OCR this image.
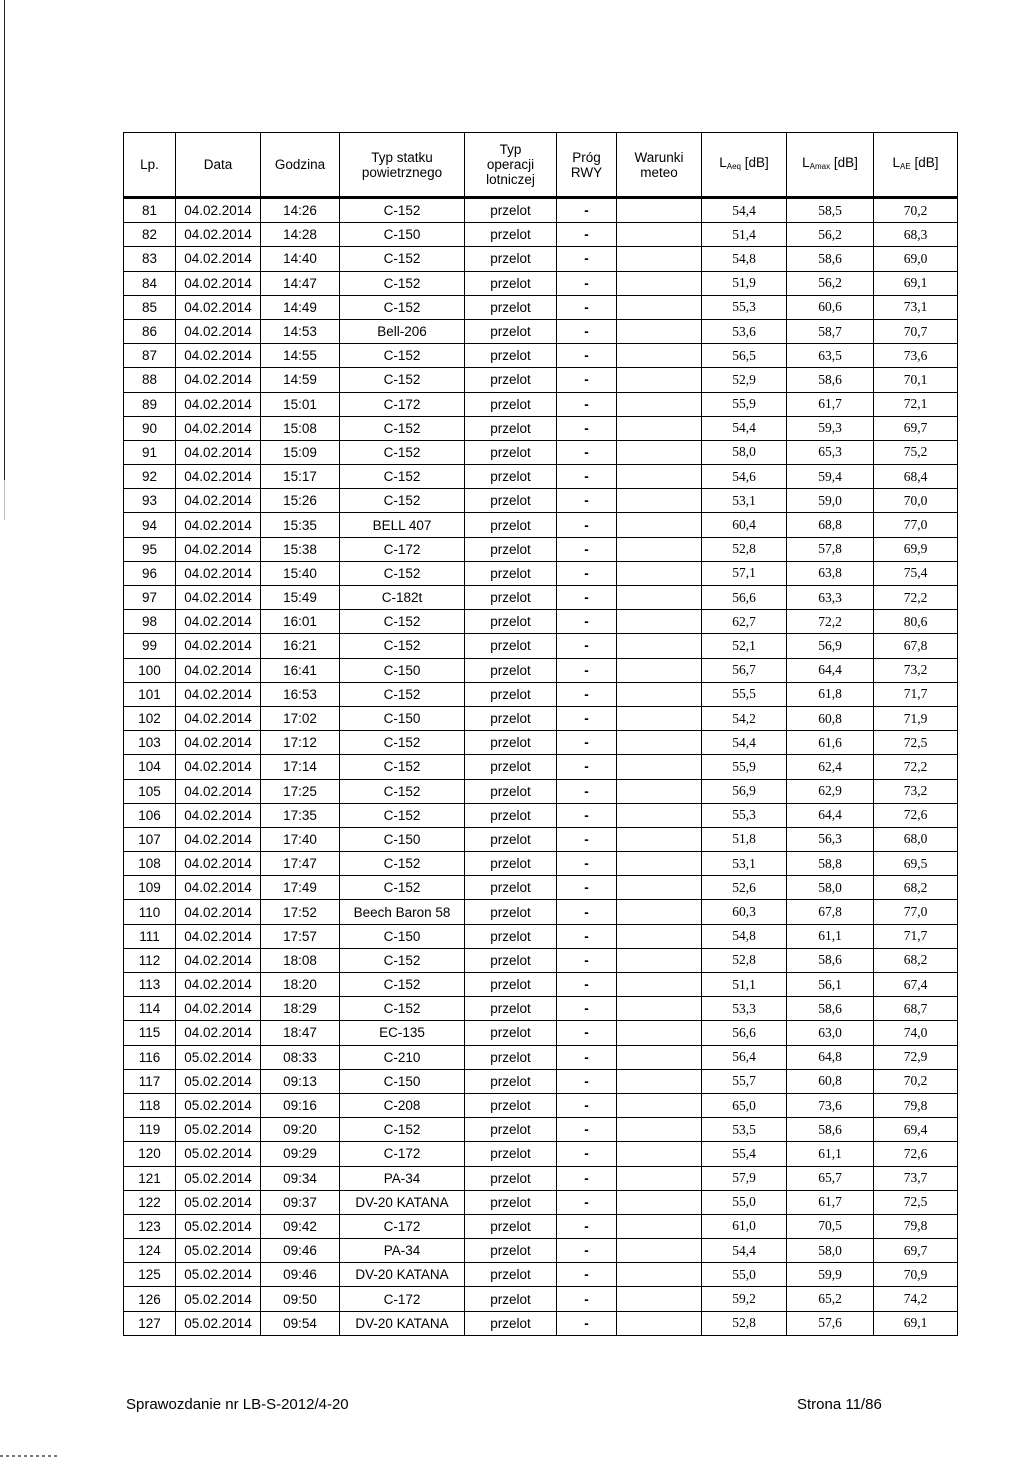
Lp.	Data	Godzina	Typ statku powietrznego	Typ operacji lotniczej	Próg RWY	Warunki meteo	$L_{Aeq}$ [dB]	$L_{Amax}$ [dB]	$L_{AE}$ [dB]
81	04.02.2014	14:26	C-152	przelot	-		54,4	58,5	70,2
82	04.02.2014	14:28	C-150	przelot	-		51,4	56,2	68,3
83	04.02.2014	14:40	C-152	przelot	-		54,8	58,6	69,0
84	04.02.2014	14:47	C-152	przelot	-		51,9	56,2	69,1
85	04.02.2014	14:49	C-152	przelot	-		55,3	60,6	73,1
86	04.02.2014	14:53	Bell-206	przelot	-		53,6	58,7	70,7
87	04.02.2014	14:55	C-152	przelot	-		56,5	63,5	73,6
88	04.02.2014	14:59	C-152	przelot	-		52,9	58,6	70,1
89	04.02.2014	15:01	C-172	przelot	-		55,9	61,7	72,1
90	04.02.2014	15:08	C-152	przelot	-		54,4	59,3	69,7
91	04.02.2014	15:09	C-152	przelot	-		58,0	65,3	75,2
92	04.02.2014	15:17	C-152	przelot	-		54,6	59,4	68,4
93	04.02.2014	15:26	C-152	przelot	-		53,1	59,0	70,0
94	04.02.2014	15:35	BELL 407	przelot	-		60,4	68,8	77,0
95	04.02.2014	15:38	C-172	przelot	-		52,8	57,8	69,9
96	04.02.2014	15:40	C-152	przelot	-		57,1	63,8	75,4
97	04.02.2014	15:49	C-182t	przelot	-		56,6	63,3	72,2
98	04.02.2014	16:01	C-152	przelot	-		62,7	72,2	80,6
99	04.02.2014	16:21	C-152	przelot	-		52,1	56,9	67,8
100	04.02.2014	16:41	C-150	przelot	-		56,7	64,4	73,2
101	04.02.2014	16:53	C-152	przelot	-		55,5	61,8	71,7
102	04.02.2014	17:02	C-150	przelot	-		54,2	60,8	71,9
103	04.02.2014	17:12	C-152	przelot	-		54,4	61,6	72,5
104	04.02.2014	17:14	C-152	przelot	-		55,9	62,4	72,2
105	04.02.2014	17:25	C-152	przelot	-		56,9	62,9	73,2
106	04.02.2014	17:35	C-152	przelot	-		55,3	64,4	72,6
107	04.02.2014	17:40	C-150	przelot	-		51,8	56,3	68,0
108	04.02.2014	17:47	C-152	przelot	-		53,1	58,8	69,5
109	04.02.2014	17:49	C-152	przelot	-		52,6	58,0	68,2
110	04.02.2014	17:52	Beech Baron 58	przelot	-		60,3	67,8	77,0
111	04.02.2014	17:57	C-150	przelot	-		54,8	61,1	71,7
112	04.02.2014	18:08	C-152	przelot	-		52,8	58,6	68,2
113	04.02.2014	18:20	C-152	przelot	-		51,1	56,1	67,4
114	04.02.2014	18:29	C-152	przelot	-		53,3	58,6	68,7
115	04.02.2014	18:47	EC-135	przelot	-		56,6	63,0	74,0
116	05.02.2014	08:33	C-210	przelot	-		56,4	64,8	72,9
117	05.02.2014	09:13	C-150	przelot	-		55,7	60,8	70,2
118	05.02.2014	09:16	C-208	przelot	-		65,0	73,6	79,8
119	05.02.2014	09:20	C-152	przelot	-		53,5	58,6	69,4
120	05.02.2014	09:29	C-172	przelot	-		55,4	61,1	72,6
121	05.02.2014	09:34	PA-34	przelot	-		57,9	65,7	73,7
122	05.02.2014	09:37	DV-20 KATANA	przelot	-		55,0	61,7	72,5
123	05.02.2014	09:42	C-172	przelot	-		61,0	70,5	79,8
124	05.02.2014	09:46	PA-34	przelot	-		54,4	58,0	69,7
125	05.02.2014	09:46	DV-20 KATANA	przelot	-		55,0	59,9	70,9
126	05.02.2014	09:50	C-172	przelot	-		59,2	65,2	74,2
127	05.02.2014	09:54	DV-20 KATANA	przelot	-		52,8	57,6	69,1
Sprawozdanie nr LB-S-2012/4-20	Strona 11/86
